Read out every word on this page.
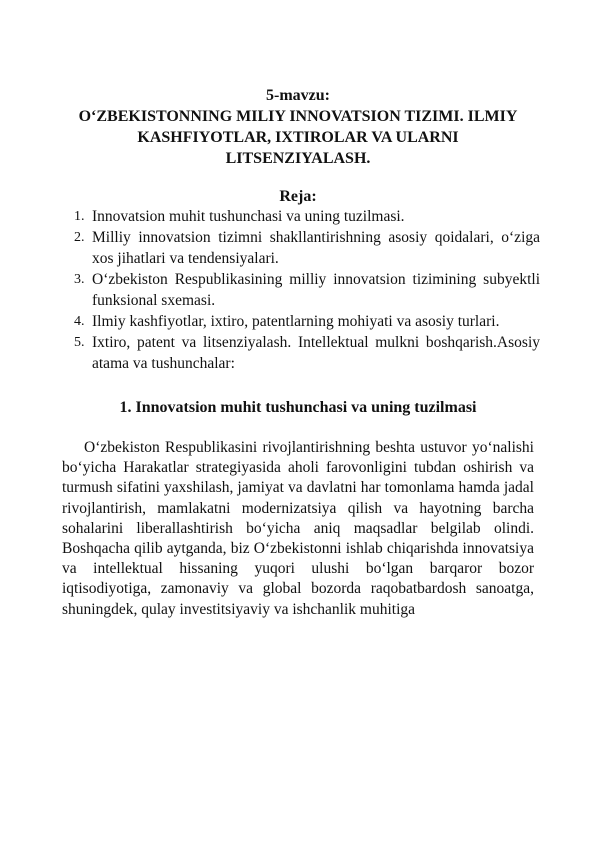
5-mavzu:
O‘ZBEKISTONNING MILIY INNOVATSION TIZIMI. ILMIY
KASHFIYOTLAR, IXTIROLAR VA ULARNI
LITSENZIYALASH.
Reja:
1. Innovatsion muhit tushunchasi va uning tuzilmasi.
2. Milliy innovatsion tizimni shakllantirishning asosiy qoidalari, o‘ziga xos jihatlari va tendensiyalari.
3. O‘zbekiston Respublikasining milliy innovatsion tizimining subyektli funksional sxemasi.
4. Ilmiy kashfiyotlar, ixtiro, patentlarning mohiyati va asosiy turlari.
5. Ixtiro, patent va litsenziyalash. Intellektual mulkni boshqarish.Asosiy atama va tushunchalar:
1. Innovatsion muhit tushunchasi va uning tuzilmasi

O‘zbekiston Respublikasini rivojlantirishning beshta ustuvor yo‘nalishi bo‘yicha Harakatlar strategiyasida aholi farovonligini tubdan oshirish va turmush sifatini yaxshilash, jamiyat va davlatni har tomonlama hamda jadal rivojlantirish, mamlakatni modernizatsiya qilish va hayotning barcha sohalarini liberallashtirish bo‘yicha aniq maqsadlar belgilab olindi. Boshqacha qilib aytganda, biz O‘zbekistonni ishlab chiqarishda innovatsiya va intellektual hissaning yuqori ulushi bo‘lgan barqaror bozor iqtisodiyotiga, zamonaviy va global bozorda raqobatbardosh sanoatga, shuningdek, qulay investitsiyaviy va ishchanlik muhitiga
